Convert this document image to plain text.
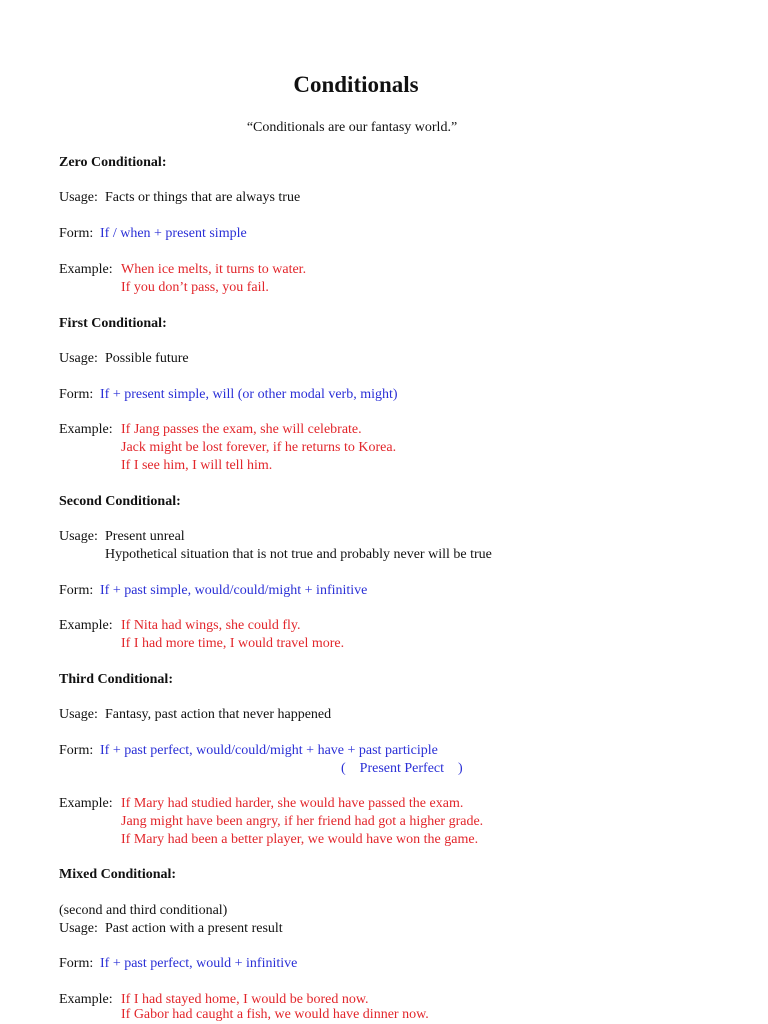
Conditionals
“Conditionals are our fantasy world.”
Zero Conditional:
Usage: Facts or things that are always true
Form: If / when + present simple
Example: When ice melts, it turns to water.
If you don’t pass, you fail.
First Conditional:
Usage: Possible future
Form: If + present simple, will (or other modal verb, might)
Example: If Jang passes the exam, she will celebrate.
Jack might be lost forever, if he returns to Korea.
If I see him, I will tell him.
Second Conditional:
Usage: Present unreal
Hypothetical situation that is not true and probably never will be true
Form: If + past simple, would/could/might + infinitive
Example: If Nita had wings, she could fly.
If I had more time, I would travel more.
Third Conditional:
Usage: Fantasy, past action that never happened
Form: If + past perfect, would/could/might + have + past participle
(    Present Perfect    )
Example: If Mary had studied harder, she would have passed the exam.
Jang might have been angry, if her friend had got a higher grade.
If Mary had been a better player, we would have won the game.
Mixed Conditional:
(second and third conditional)
Usage: Past action with a present result
Form: If + past perfect, would + infinitive
Example: If I had stayed home, I would be bored now.
If Gabor had caught a fish, we would have dinner now.
